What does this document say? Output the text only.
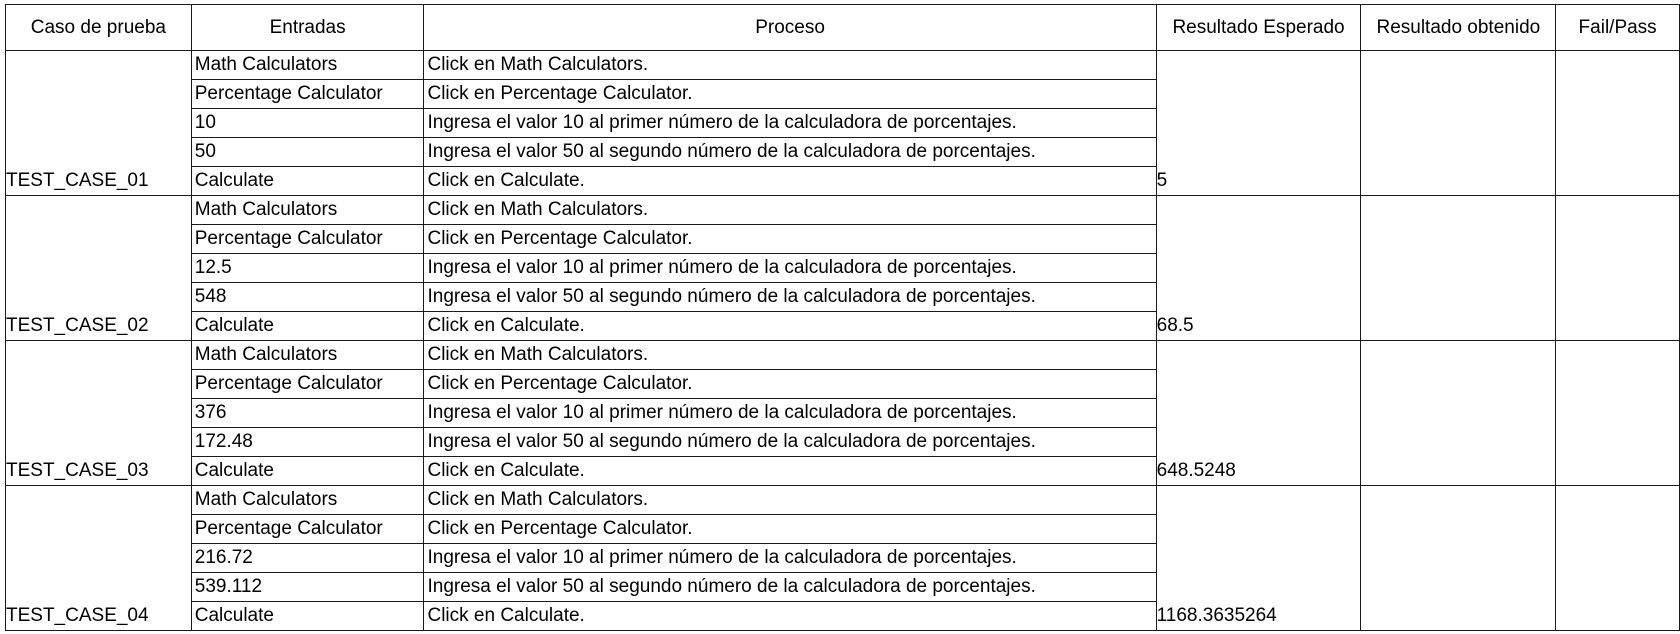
Caso de prueba	Entradas	Proceso	Resultado Esperado	Resultado obtenido	Fail/Pass
TEST_CASE_01	Math Calculators	Click en Math Calculators.	5		
	Percentage Calculator	Click en Percentage Calculator.			
	10	Ingresa el valor 10 al primer número de la calculadora de porcentajes.			
	50	Ingresa el valor 50 al segundo número de la calculadora de porcentajes.			
	Calculate	Click en Calculate.			
TEST_CASE_02	Math Calculators	Click en Math Calculators.	68.5		
	Percentage Calculator	Click en Percentage Calculator.			
	12.5	Ingresa el valor 10 al primer número de la calculadora de porcentajes.			
	548	Ingresa el valor 50 al segundo número de la calculadora de porcentajes.			
	Calculate	Click en Calculate.			
TEST_CASE_03	Math Calculators	Click en Math Calculators.	648.5248		
	Percentage Calculator	Click en Percentage Calculator.			
	376	Ingresa el valor 10 al primer número de la calculadora de porcentajes.			
	172.48	Ingresa el valor 50 al segundo número de la calculadora de porcentajes.			
	Calculate	Click en Calculate.			
TEST_CASE_04	Math Calculators	Click en Math Calculators.	1168.3635264		
	Percentage Calculator	Click en Percentage Calculator.			
	216.72	Ingresa el valor 10 al primer número de la calculadora de porcentajes.			
	539.112	Ingresa el valor 50 al segundo número de la calculadora de porcentajes.			
	Calculate	Click en Calculate.			
